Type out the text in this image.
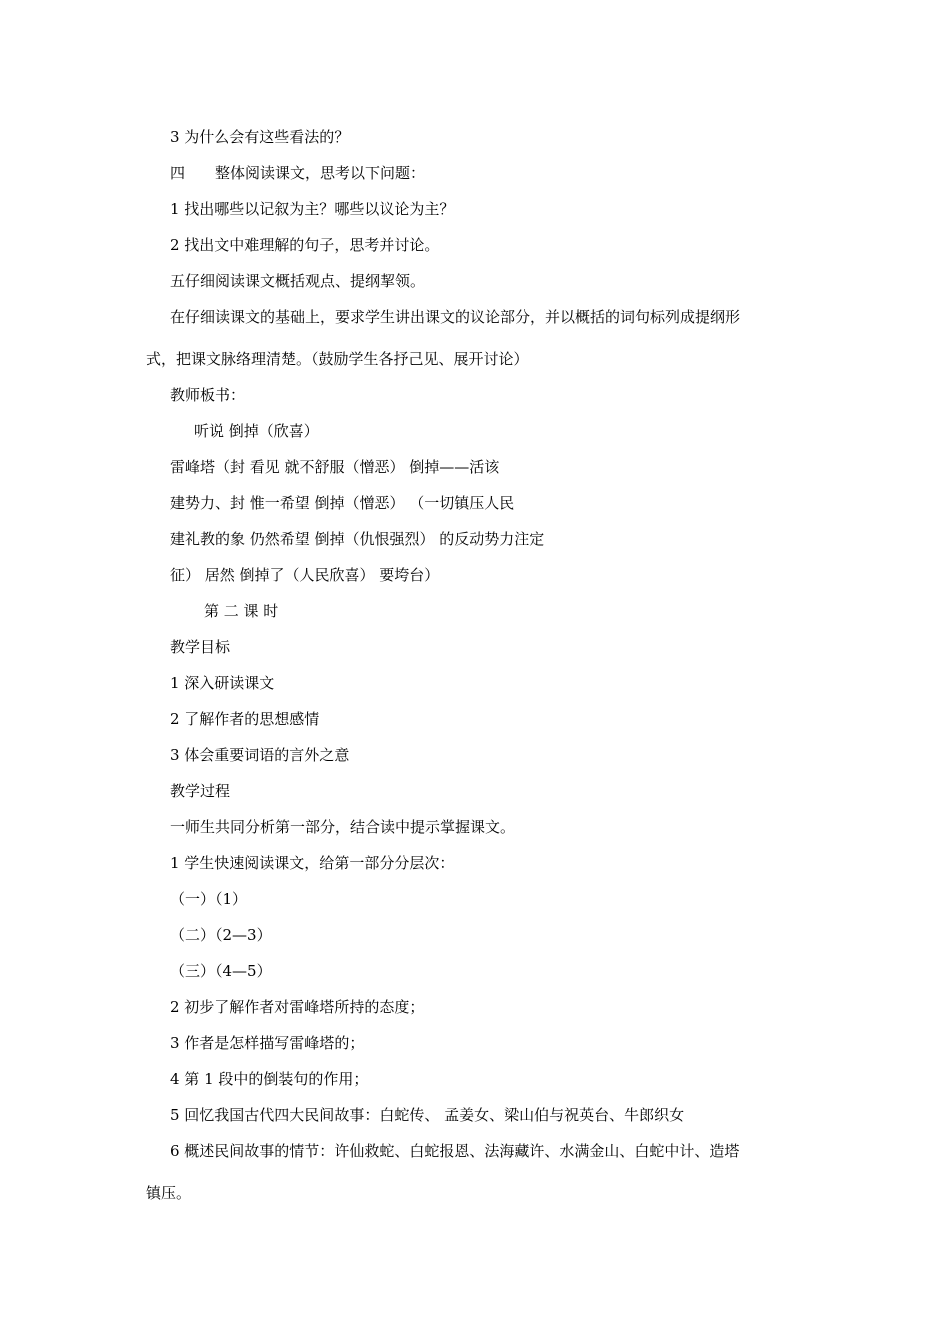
3 为什么会有这些看法的？
四　　整体阅读课文，思考以下问题：
1 找出哪些以记叙为主？哪些以议论为主？
2 找出文中难理解的句子，思考并讨论。
五仔细阅读课文概括观点、提纲挈领。
在仔细读课文的基础上，要求学生讲出课文的议论部分，并以概括的词句标列成提纲形
式，把课文脉络理清楚。（鼓励学生各抒己见、展开讨论）
教师板书：
听说 倒掉（欣喜）
雷峰塔（封 看见 就不舒服（憎恶） 倒掉——活该
建势力、封 惟一希望 倒掉（憎恶） （一切镇压人民
建礼教的象 仍然希望 倒掉（仇恨强烈） 的反动势力注定
征） 居然 倒掉了（人民欣喜） 要垮台）
第 二 课 时
教学目标
1 深入研读课文
2 了解作者的思想感情
3 体会重要词语的言外之意
教学过程
一师生共同分析第一部分，结合读中提示掌握课文。
1 学生快速阅读课文，给第一部分分层次：
（一）（1）
（二）（2—3）
（三）（4—5）
2 初步了解作者对雷峰塔所持的态度；
3 作者是怎样描写雷峰塔的；
4 第 1 段中的倒装句的作用；
5 回忆我国古代四大民间故事：白蛇传、 孟姜女、梁山伯与祝英台、牛郎织女
6 概述民间故事的情节：许仙救蛇、白蛇报恩、法海藏许、水满金山、白蛇中计、造塔
镇压。
